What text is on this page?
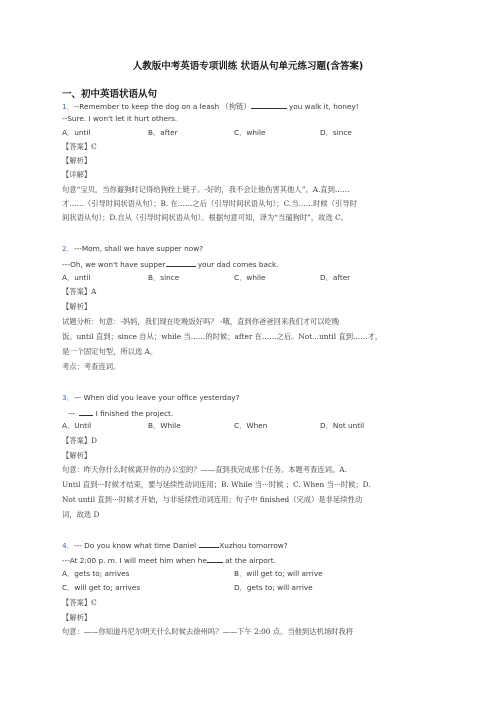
人教版中考英语专项训练 状语从句单元练习题(含答案)
一、初中英语状语从句
1．--Remember to keep the dog on a leash （拘链）	you walk it, honey!
--Sure. I won't let it hurt others.
A．until	B．after	C．while	D．since
【答案】C
【解析】
【详解】
句意“宝贝，当你遛狗时记得给狗拴上链子。-好的，我不会让他伤害其他人”。A.直到……
才……（引导时间状语从句）；B. 在……之后（引导时间状语从句）；C.当……时候（引导时
间状语从句）；D.自从（引导时间状语从句）。根据句意可知，译为“当遛狗时”，故选 C。
2．---Mom, shall we have supper now?
---Oh, we won't have supper	your dad comes back.
A．until	B．since	C．while	D．after
【答案】A
【解析】
试题分析：句意：-妈妈，我们现在吃晚饭好吗？ -哦，直到你爸爸回来我们才可以吃晚
饭。until 直到；since 自从；while 当……的时候；after 在……之后。Not...until 直到……才，
是一个固定句型，所以选 A。
考点：考查连词。
3．— When did you leave your office yesterday?
— I finished the project.
A．Until	B．While	C．When	D．Not until
【答案】D
【解析】
句意：昨天你什么时候离开你的办公室的？——直到我完成那个任务。本题考查连词。A.
Until 直到···时候才结束，要与延续性动词连用；B. While 当···时候 ；C. When 当···时候；D.
Not until 直到···时候才开始，与非延续性动词连用；句子中 finished（完成）是非延续性动
词，故选 D
4．--- Do you know what time Daniel	Xuzhou tomorrow?
---At 2:00 p. m. I will meet him when he at the airport.
A．gets to; arrives	B．will get to; will arrive
C．will get to; arrives	D．gets to; will arrive
【答案】C
【解析】
句意：——你知道丹尼尔明天什么时候去徐州吗？——下午 2:00 点。当他到达机场时我将
